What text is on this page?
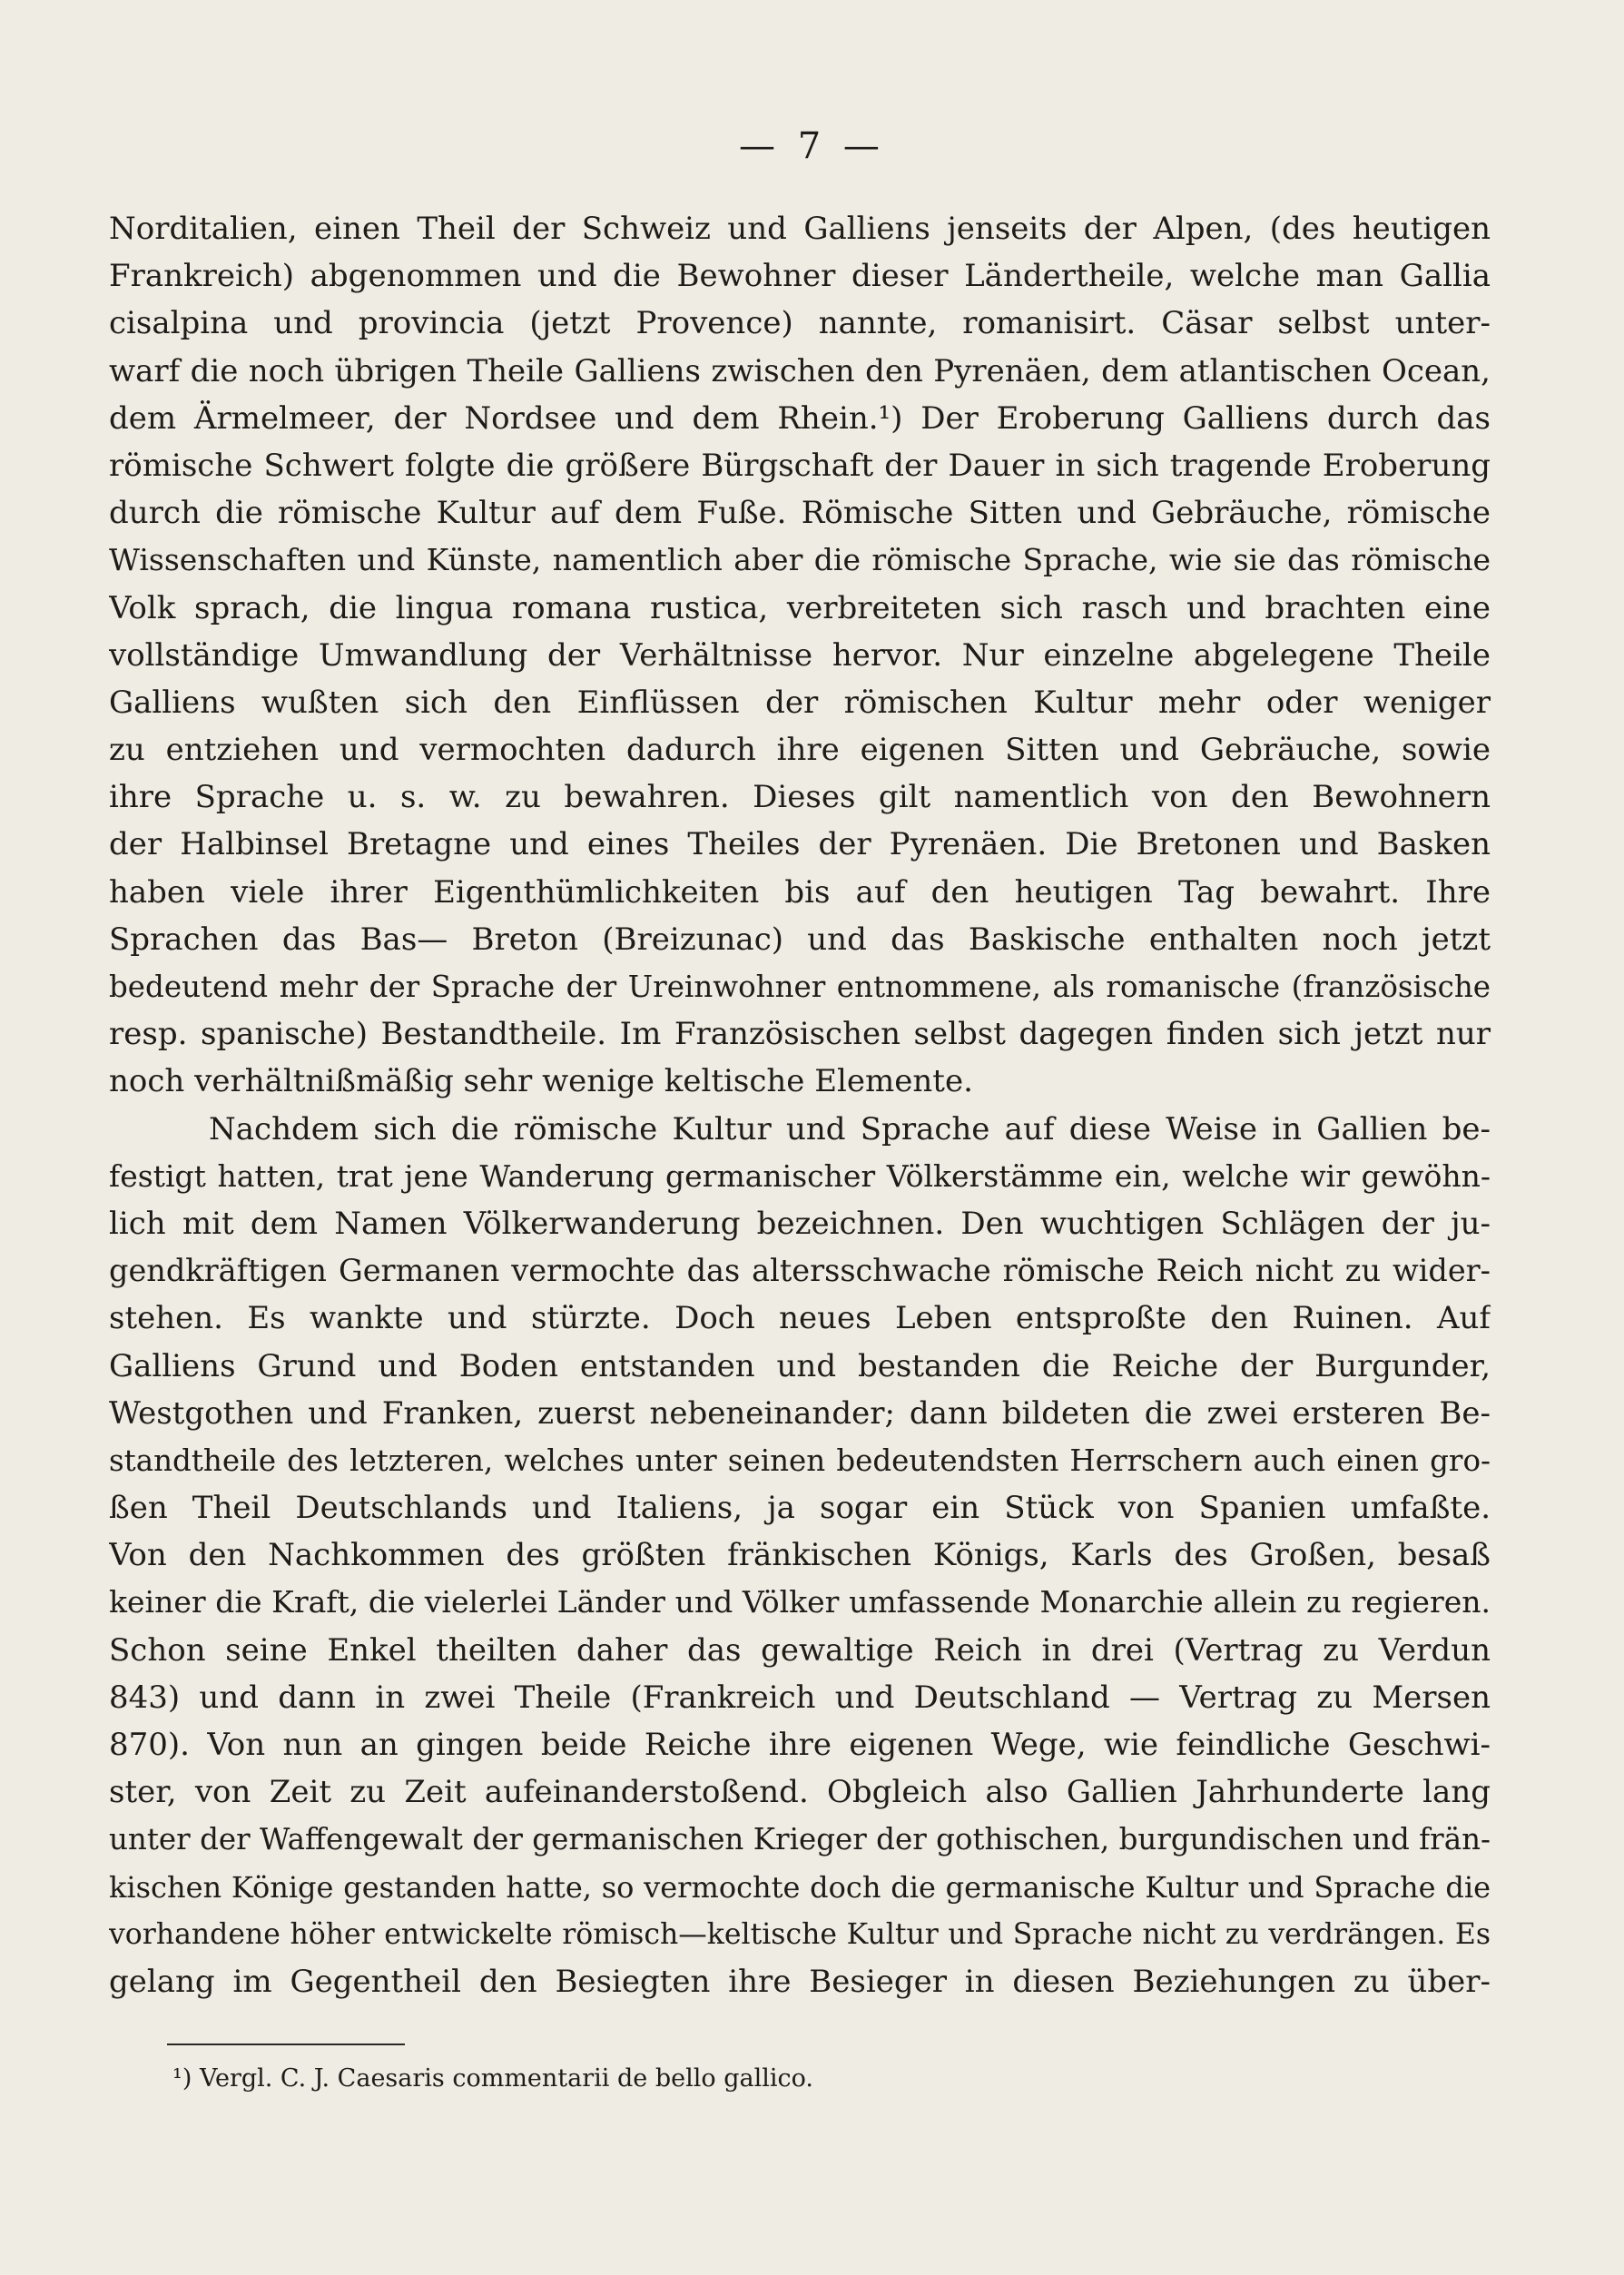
— 7 —
Norditalien, einen Theil der Schweiz und Galliens jenseits der Alpen, (des heutigen
Frankreich) abgenommen und die Bewohner dieser Ländertheile, welche man Gallia
cisalpina und provincia (jetzt Provence) nannte, romanisirt. Cäsar selbst unter-
warf die noch übrigen Theile Galliens zwischen den Pyrenäen, dem atlantischen Ocean,
dem Ärmelmeer, der Nordsee und dem Rhein.¹) Der Eroberung Galliens durch das
römische Schwert folgte die größere Bürgschaft der Dauer in sich tragende Eroberung
durch die römische Kultur auf dem Fuße. Römische Sitten und Gebräuche, römische
Wissenschaften und Künste, namentlich aber die römische Sprache, wie sie das römische
Volk sprach, die lingua romana rustica, verbreiteten sich rasch und brachten eine
vollständige Umwandlung der Verhältnisse hervor. Nur einzelne abgelegene Theile
Galliens wußten sich den Einflüssen der römischen Kultur mehr oder weniger
zu entziehen und vermochten dadurch ihre eigenen Sitten und Gebräuche, sowie
ihre Sprache u. s. w. zu bewahren. Dieses gilt namentlich von den Bewohnern
der Halbinsel Bretagne und eines Theiles der Pyrenäen. Die Bretonen und Basken
haben viele ihrer Eigenthümlichkeiten bis auf den heutigen Tag bewahrt. Ihre
Sprachen das Bas— Breton (Breizunac) und das Baskische enthalten noch jetzt
bedeutend mehr der Sprache der Ureinwohner entnommene, als romanische (französische
resp. spanische) Bestandtheile. Im Französischen selbst dagegen finden sich jetzt nur
noch verhältnißmäßig sehr wenige keltische Elemente.
Nachdem sich die römische Kultur und Sprache auf diese Weise in Gallien be-
festigt hatten, trat jene Wanderung germanischer Völkerstämme ein, welche wir gewöhn-
lich mit dem Namen Völkerwanderung bezeichnen. Den wuchtigen Schlägen der ju-
gendkräftigen Germanen vermochte das altersschwache römische Reich nicht zu wider-
stehen. Es wankte und stürzte. Doch neues Leben entsproßte den Ruinen. Auf
Galliens Grund und Boden entstanden und bestanden die Reiche der Burgunder,
Westgothen und Franken, zuerst nebeneinander; dann bildeten die zwei ersteren Be-
standtheile des letzteren, welches unter seinen bedeutendsten Herrschern auch einen gro-
ßen Theil Deutschlands und Italiens, ja sogar ein Stück von Spanien umfaßte.
Von den Nachkommen des größten fränkischen Königs, Karls des Großen, besaß
keiner die Kraft, die vielerlei Länder und Völker umfassende Monarchie allein zu regieren.
Schon seine Enkel theilten daher das gewaltige Reich in drei (Vertrag zu Verdun
843) und dann in zwei Theile (Frankreich und Deutschland — Vertrag zu Mersen
870). Von nun an gingen beide Reiche ihre eigenen Wege, wie feindliche Geschwi-
ster, von Zeit zu Zeit aufeinanderstoßend. Obgleich also Gallien Jahrhunderte lang
unter der Waffengewalt der germanischen Krieger der gothischen, burgundischen und frän-
kischen Könige gestanden hatte, so vermochte doch die germanische Kultur und Sprache die
vorhandene höher entwickelte römisch—keltische Kultur und Sprache nicht zu verdrängen. Es
gelang im Gegentheil den Besiegten ihre Besieger in diesen Beziehungen zu über-
¹) Vergl. C. J. Caesaris commentarii de bello gallico.
